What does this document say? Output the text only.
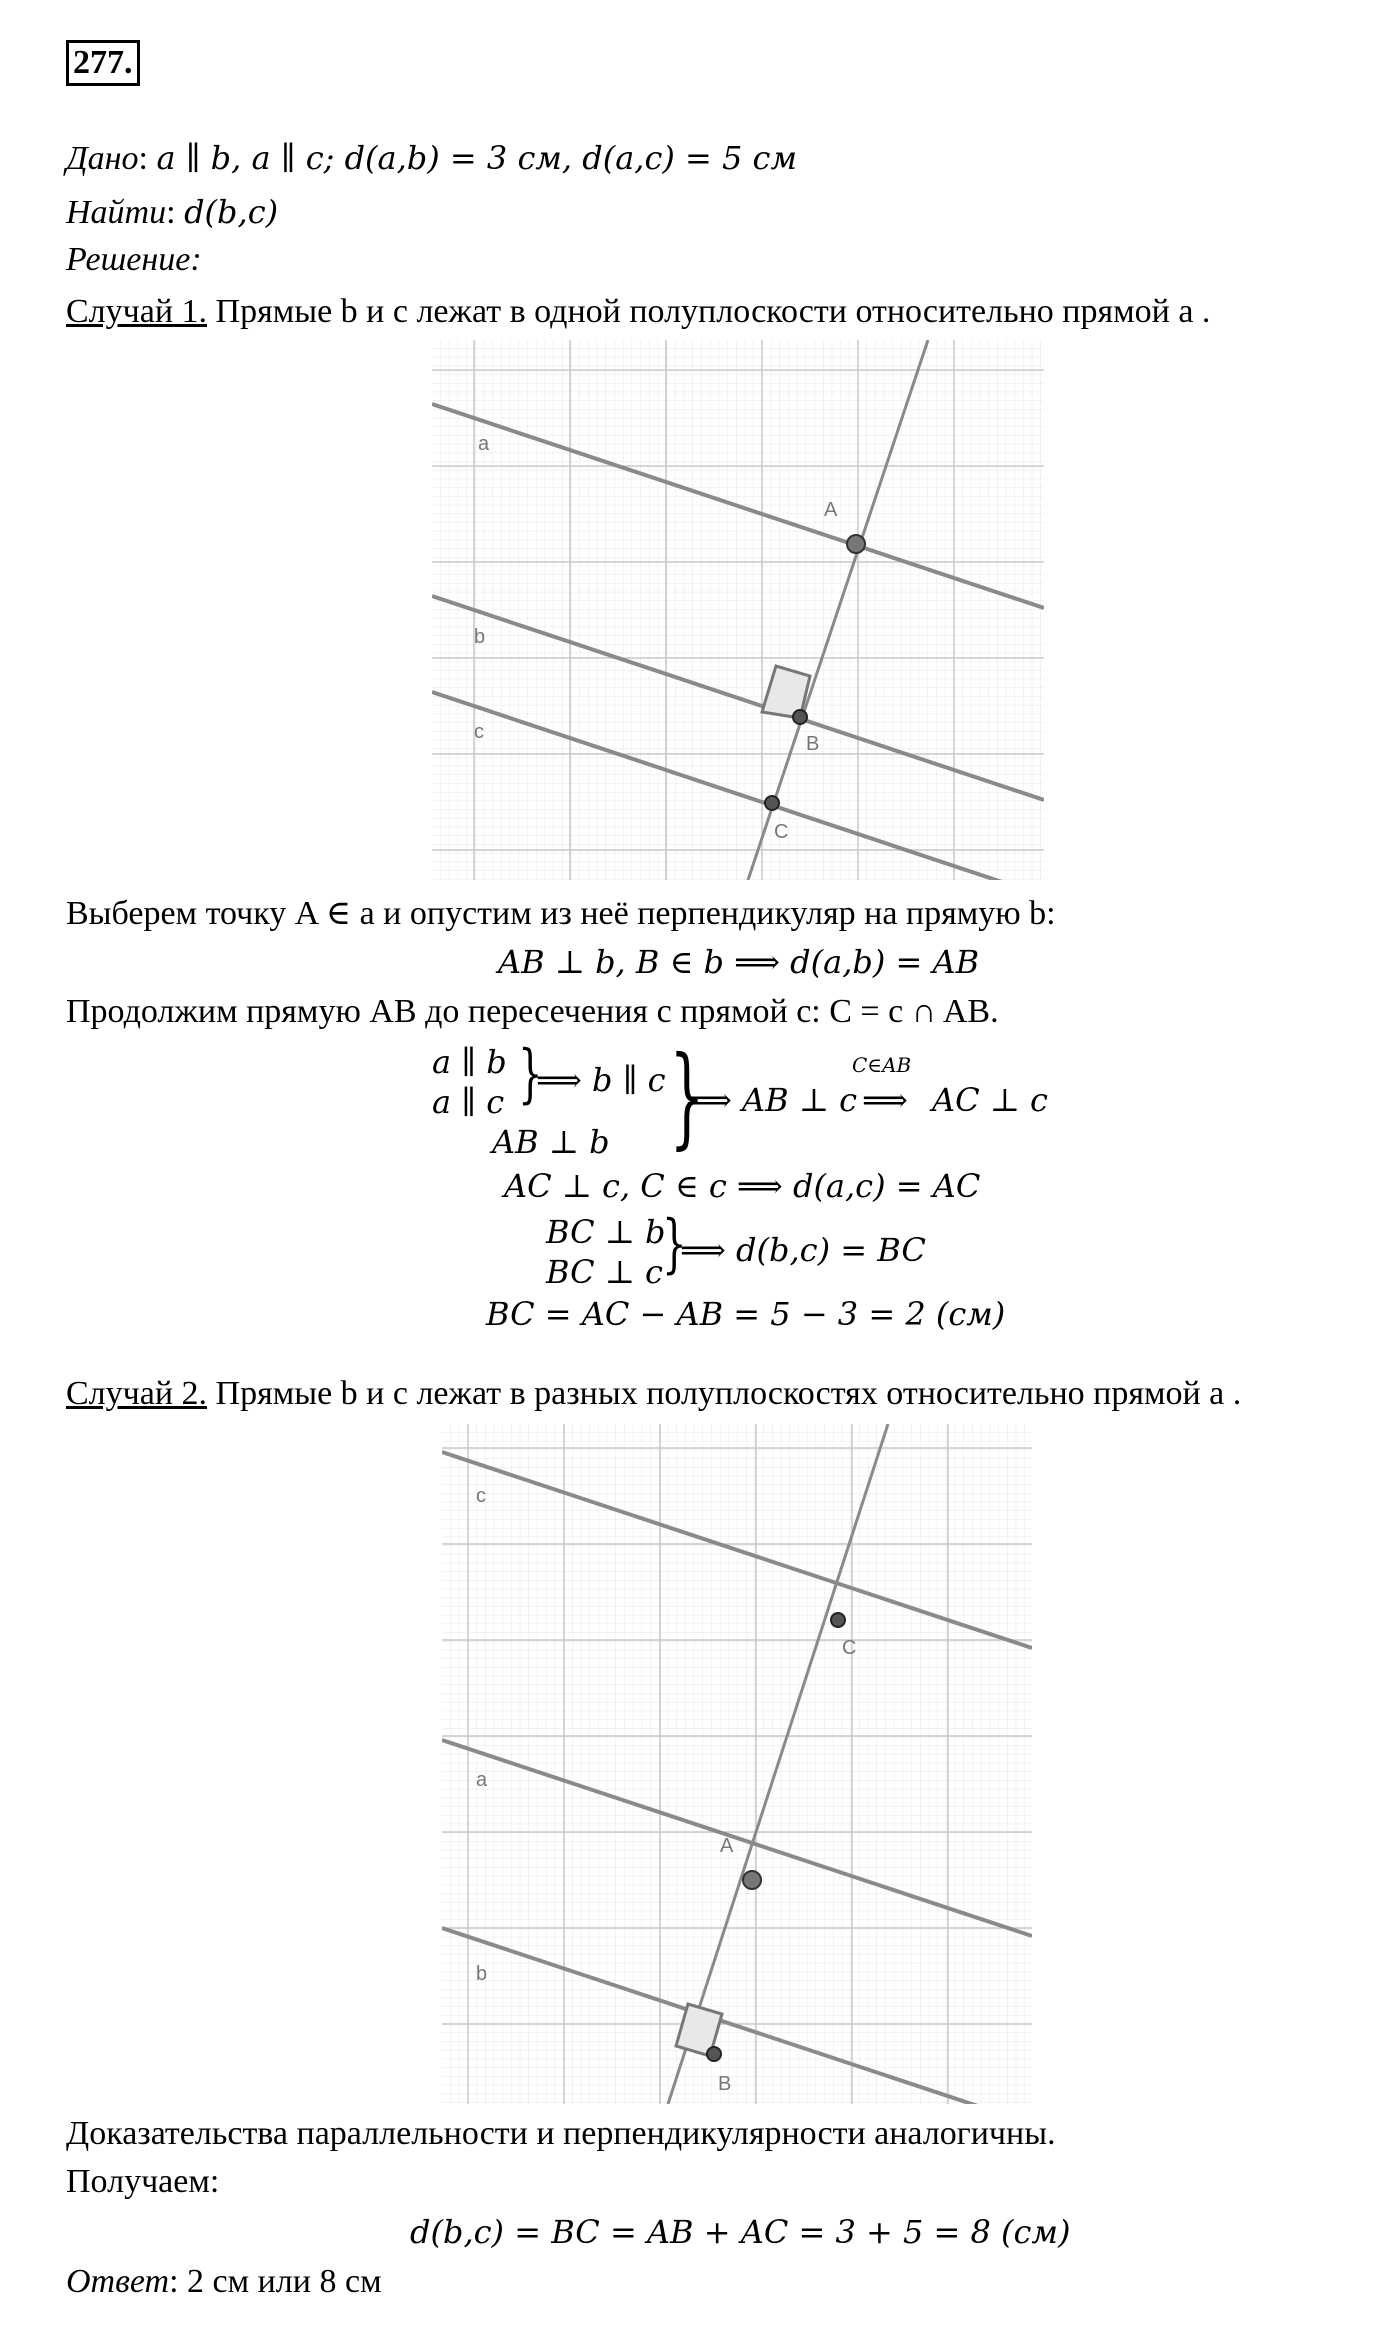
277.
Дано: a ∥ b, a ∥ c; d(a,b) = 3 см, d(a,c) = 5 см
Найти: d(b,c)
Решение:
Случай 1. Прямые b и c лежат в одной полуплоскости относительно прямой a .
a
b
c
A
B
C
Выберем точку A ∈ a и опустим из неё перпендикуляр на прямую b:
AB ⊥ b, B ∈ b ⟹ d(a,b) = AB
Продолжим прямую AB до пересечения с прямой c: C = c ∩ AB.
a ∥ b
a ∥ c }
⟹ b ∥ c
AB ⊥ b }
⟹ AB ⊥ c
C∈AB
⟹ AC ⊥ c
AC ⊥ c, C ∈ c ⟹ d(a,c) = AC
BC ⊥ b
BC ⊥ c }
⟹ d(b,c) = BC
BC = AC − AB = 5 − 3 = 2 (см)
Случай 2. Прямые b и c лежат в разных полуплоскостях относительно прямой a .
c
a
b
C
A
B
Доказательства параллельности и перпендикулярности аналогичны.
Получаем:
d(b,c) = BC = AB + AC = 3 + 5 = 8 (см)
Ответ: 2 см или 8 см
